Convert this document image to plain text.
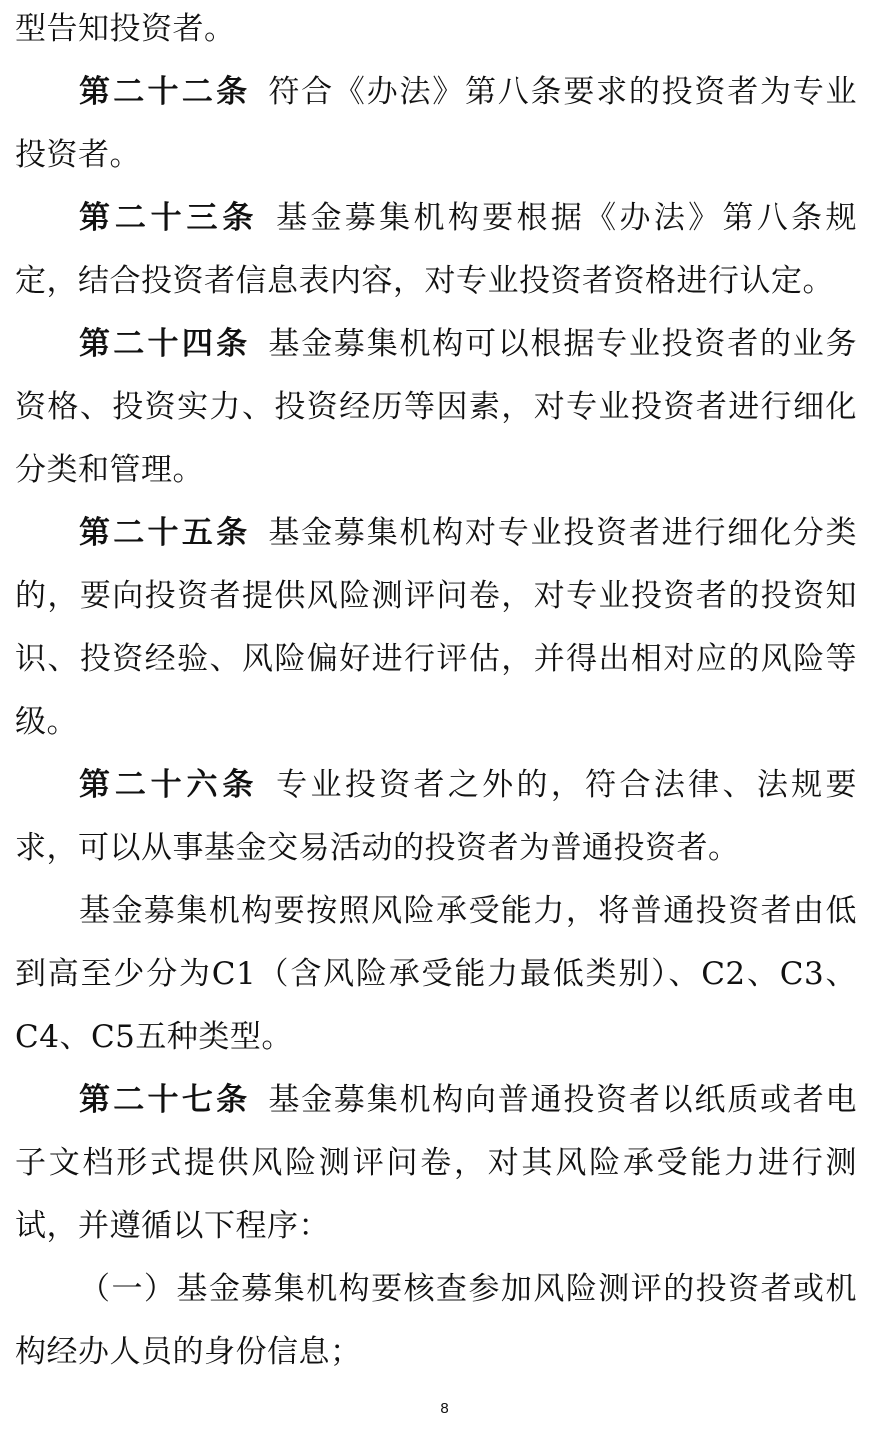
型告知投资者。

第二十二条 符合《办法》第八条要求的投资者为专业投资者。

第二十三条 基金募集机构要根据《办法》第八条规定，结合投资者信息表内容，对专业投资者资格进行认定。

第二十四条 基金募集机构可以根据专业投资者的业务资格、投资实力、投资经历等因素，对专业投资者进行细化分类和管理。

第二十五条 基金募集机构对专业投资者进行细化分类的，要向投资者提供风险测评问卷，对专业投资者的投资知识、投资经验、风险偏好进行评估，并得出相对应的风险等级。

第二十六条 专业投资者之外的，符合法律、法规要求，可以从事基金交易活动的投资者为普通投资者。

基金募集机构要按照风险承受能力，将普通投资者由低到高至少分为C1（含风险承受能力最低类别）、C2、C3、C4、C5五种类型。

第二十七条 基金募集机构向普通投资者以纸质或者电子文档形式提供风险测评问卷，对其风险承受能力进行测试，并遵循以下程序：

（一）基金募集机构要核查参加风险测评的投资者或机构经办人员的身份信息；

8
